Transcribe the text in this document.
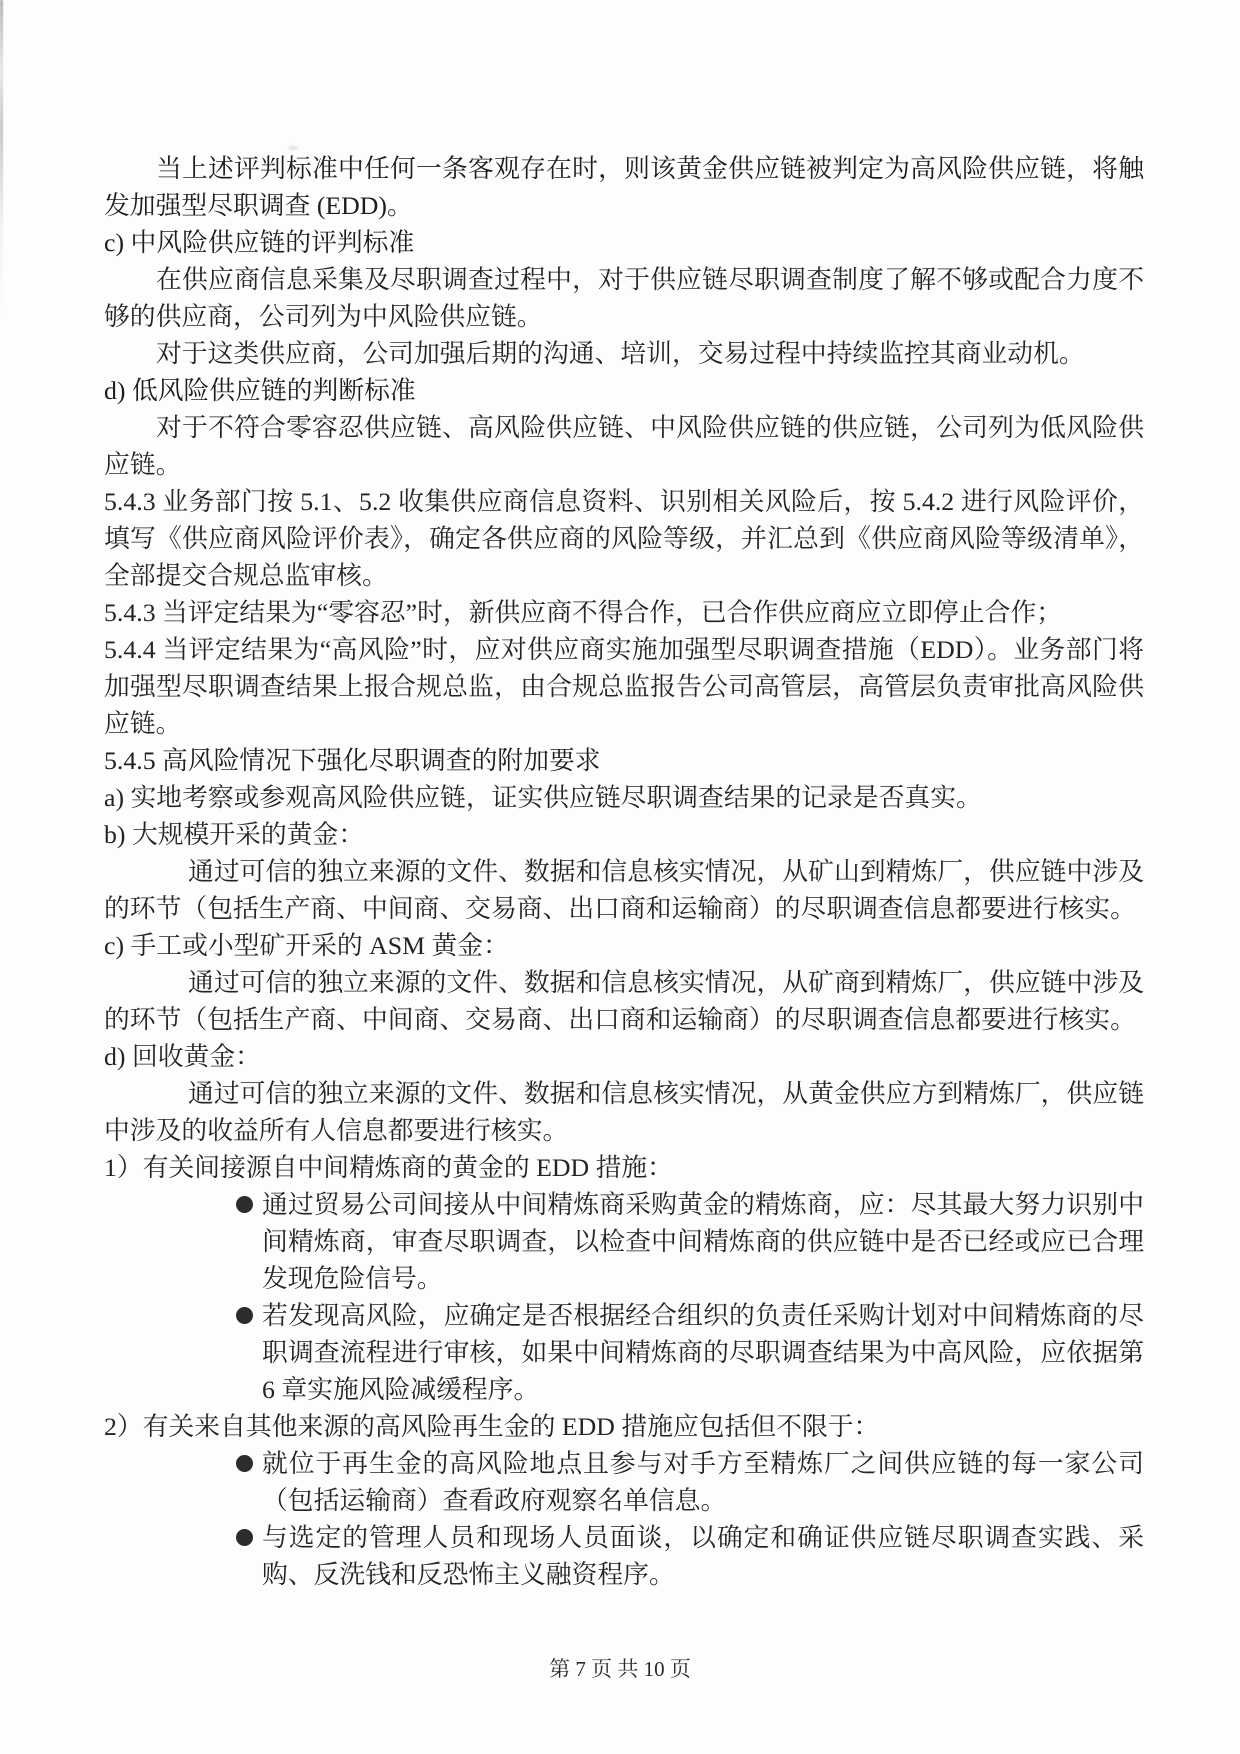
当上述评判标准中任何一条客观存在时，则该黄金供应链被判定为高风险供应链，将触发加强型尽职调查 (EDD)。

c) 中风险供应链的评判标准

在供应商信息采集及尽职调查过程中，对于供应链尽职调查制度了解不够或配合力度不够的供应商，公司列为中风险供应链。

对于这类供应商，公司加强后期的沟通、培训，交易过程中持续监控其商业动机。

d) 低风险供应链的判断标准

对于不符合零容忍供应链、高风险供应链、中风险供应链的供应链，公司列为低风险供应链。

5.4.3 业务部门按 5.1、5.2 收集供应商信息资料、识别相关风险后，按 5.4.2 进行风险评价，填写《供应商风险评价表》，确定各供应商的风险等级，并汇总到《供应商风险等级清单》，全部提交合规总监审核。

5.4.3 当评定结果为“零容忍”时，新供应商不得合作，已合作供应商应立即停止合作；

5.4.4 当评定结果为“高风险”时，应对供应商实施加强型尽职调查措施（EDD）。业务部门将加强型尽职调查结果上报合规总监，由合规总监报告公司高管层，高管层负责审批高风险供应链。

5.4.5 高风险情况下强化尽职调查的附加要求

a) 实地考察或参观高风险供应链，证实供应链尽职调查结果的记录是否真实。

b) 大规模开采的黄金：

通过可信的独立来源的文件、数据和信息核实情况，从矿山到精炼厂，供应链中涉及的环节（包括生产商、中间商、交易商、出口商和运输商）的尽职调查信息都要进行核实。

c) 手工或小型矿开采的 ASM 黄金：

通过可信的独立来源的文件、数据和信息核实情况，从矿商到精炼厂，供应链中涉及的环节（包括生产商、中间商、交易商、出口商和运输商）的尽职调查信息都要进行核实。

d) 回收黄金：

通过可信的独立来源的文件、数据和信息核实情况，从黄金供应方到精炼厂，供应链中涉及的收益所有人信息都要进行核实。

1）有关间接源自中间精炼商的黄金的 EDD 措施：

通过贸易公司间接从中间精炼商采购黄金的精炼商，应：尽其最大努力识别中间精炼商，审查尽职调查，以检查中间精炼商的供应链中是否已经或应已合理发现危险信号。

若发现高风险，应确定是否根据经合组织的负责任采购计划对中间精炼商的尽职调查流程进行审核，如果中间精炼商的尽职调查结果为中高风险，应依据第 6 章实施风险减缓程序。

2）有关来自其他来源的高风险再生金的 EDD 措施应包括但不限于：

就位于再生金的高风险地点且参与对手方至精炼厂之间供应链的每一家公司（包括运输商）查看政府观察名单信息。

与选定的管理人员和现场人员面谈，以确定和确证供应链尽职调查实践、采购、反洗钱和反恐怖主义融资程序。

第 7 页 共 10 页
